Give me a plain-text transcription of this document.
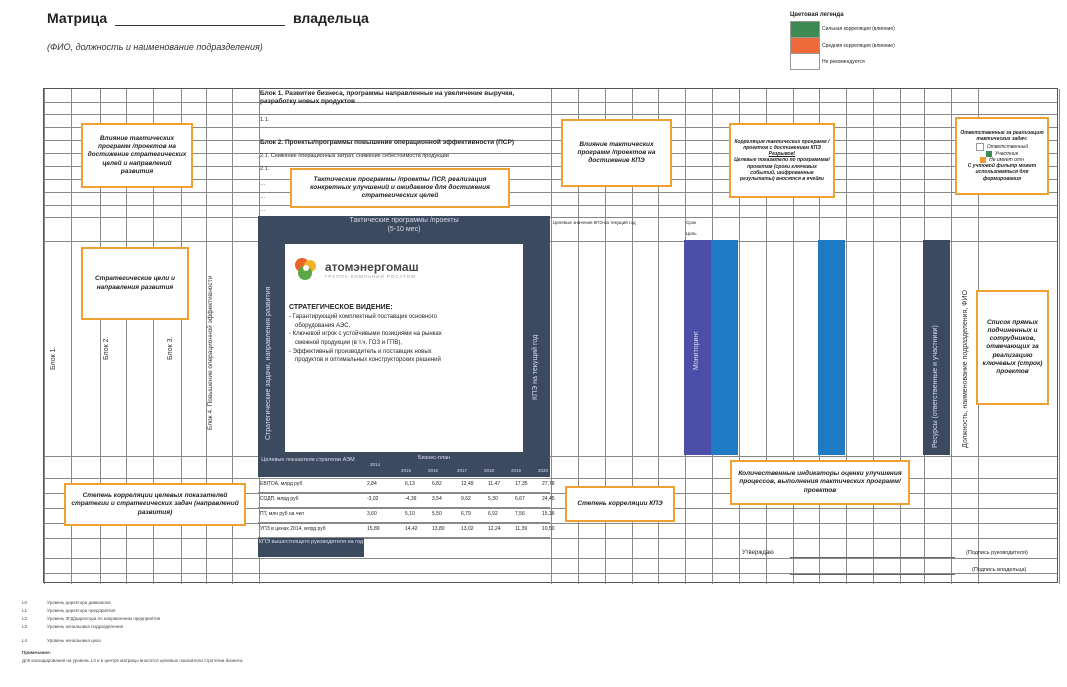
Матрица	владельца
(ФИО, должность и наименование подразделения)
Цветовая легенда
Сильная корреляция (влияние)
Средняя корреляция (влияние)
Не рекомендуется
Блок 1. Развитие бизнеса, программы направленные на увеличение выручки, разработку новых продуктов
1.1.
Блок 2. Проекты/программы повышение операционной эффективности (ПСР)
2.1. Снижение операционных затрат, снижение себестоимости продукции
2.1.
…
…
…
Тактические программы /проекты
(5-10 мес)
КПЭ вышестоящего руководителя на год
Стратегические задачи, направления развития	КПЭ на текущий год
атомэнергомаш
ГРУППА КОМПАНИЙ РОСАТОМ
СТРАТЕГИЧЕСКОЕ ВИДЕНИЕ:
- Гарантирующий комплектный поставщик основного
оборудования АЭС,
- Ключевой игрок с устойчивыми позициями на рынках
смежной продукции (в т.ч. ГОЗ и ГПВ),
- Эффективный производитель и поставщик новых
продуктов и оптимальных конструкторских решений
Целевые показатели стратегии АЭМ
2014
Бизнес-план
2015	2016	2017	2018	2019	2020
EBITDA, млрд руб	2,84	6,13	6,82	12,49	11,47	17,35	27,78
СОДП, млрд руб	-3,02	-4,39	3,54	9,62	5,30	6,67	24,45
ПТ, млн руб на чел	3,60	5,10	5,50	6,79	6,92	7,56	15,16
УПЗ в ценах 2014, млрд руб	15,89	14,42	13,80	13,02	12,24	11,39	10,50
Мониторинг	Ресурсы (ответственные и участники)	Должность, наименование подразделения, ФИО
Блок 1.	Блок 2.	Блок 3.	Блок 4. Повышение операционной эффективности
Целевые значения КПЭ на текущий год	Срок
Цель
Утверждаю	(Подпись руководителя)
(Подпись владельца)
Влияние тактических программ /проектов на достижение стратегических целей и направлений развития
Тактические программы /проекты ПСР, реализация конкретных улучшений и ожидаемое для достижения стратегических целей
Влияние тактических программ /проектов на достижение КПЭ
Корреляция тактических программ /проектов с достижением КПЭ
Разрывов!
Целевые показатели по программам/проектам (сроки ключевых событий, шифрованные результаты) вносятся в ячейки
Ответственные за реализацию тактических задач:
Ответственный
Участник
Не имеет отн
С учтовой фильтр может использоваться для формирования
Стратегические цели и направления развития
Степень корреляции целевых показателей стратегии и стратегических задач (направлений развития)
Степень корреляции КПЭ
Количественные индикаторы оценки улучшения процессов, выполнения тактических программ/проектов
Список прямых подчиненных и сотрудников, отвечающих за реализацию ключевых (строк) проектов
L0	Уровень директора дивизиона
L1	Уровень директора предприятия
L2	Уровень ЗГД/директора по направлению предприятия
L3	Уровень начальника подразделения
L4	Уровень начальника цеха
Примечание:
Для каскадирования на уровень L3 и в центре матрицы вносятся целевые показатели стратегии бизнеса
